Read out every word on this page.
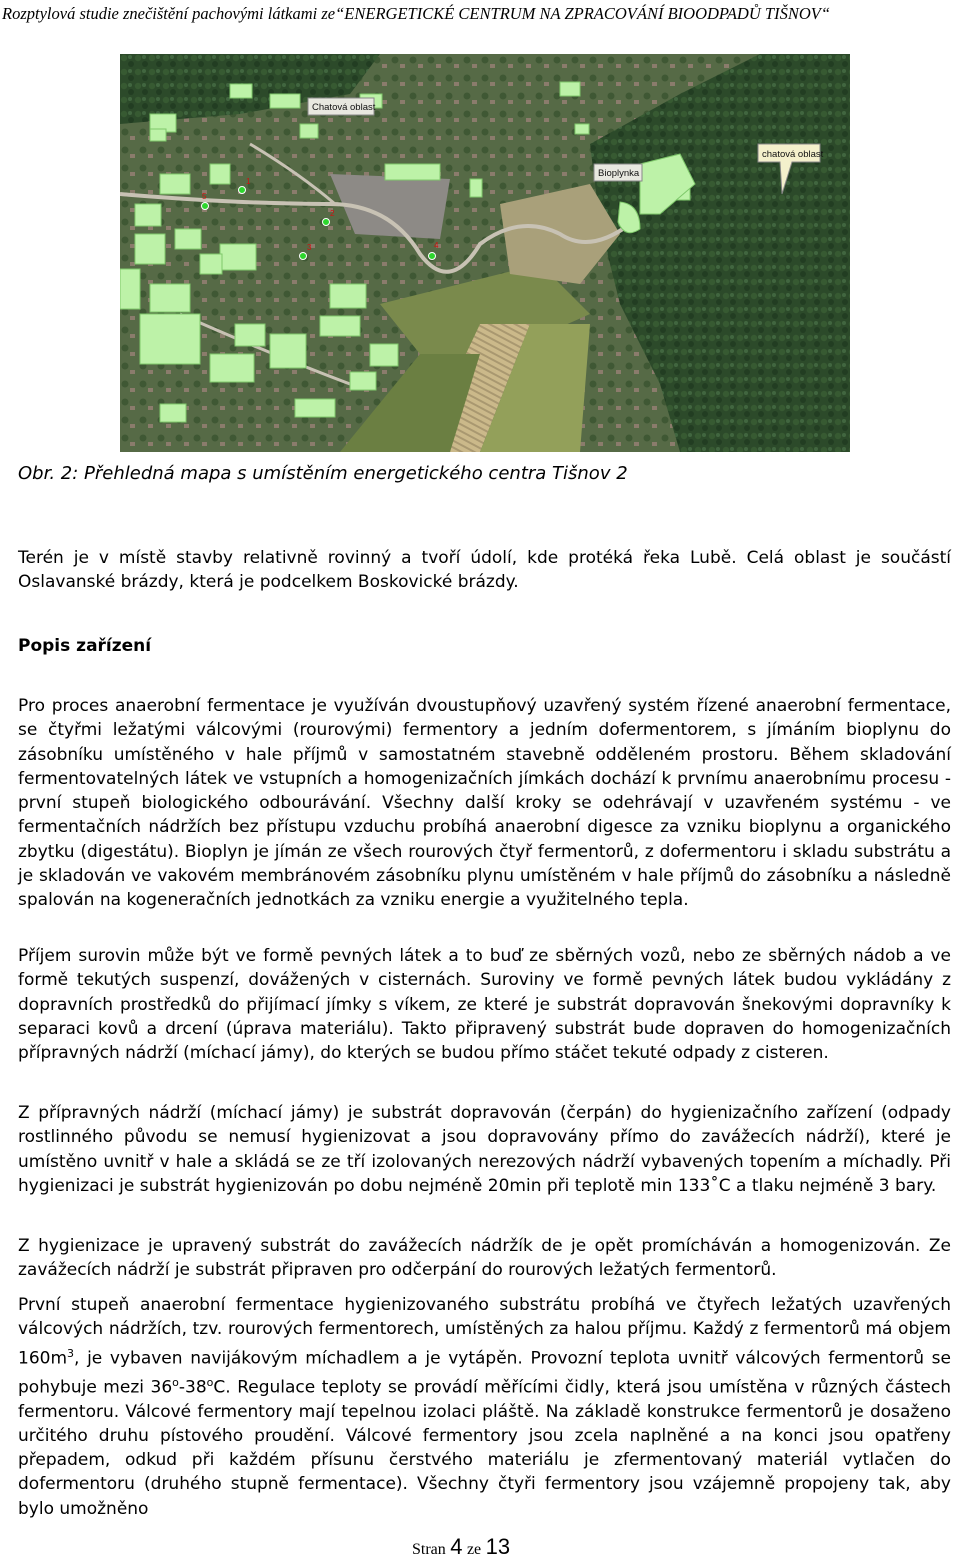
Rozptylová studie znečištění pachovými látkami ze“ENERGETICKÉ CENTRUM NA ZPRACOVÁNÍ BIOODPADŮ TIŠNOV“
Chatová oblast
Bioplynka
chatová oblast
5
1
2
3	4
Obr. 2: Přehledná mapa s umístěním energetického centra Tišnov 2
Terén je v místě stavby relativně rovinný a tvoří údolí, kde protéká řeka Lubě. Celá oblast je součástí Oslavanské brázdy, která je podcelkem Boskovické brázdy.
Popis zařízení
Pro proces anaerobní fermentace je využíván dvoustupňový uzavřený systém řízené anaerobní fermentace, se čtyřmi ležatými válcovými (rourovými) fermentory a jedním dofermentorem, s jímáním bioplynu do zásobníku umístěného v hale příjmů v samostatném stavebně odděleném prostoru. Během skladování fermentovatelných látek ve vstupních a homogenizačních jímkách dochází k prvnímu anaerobnímu procesu - první stupeň biologického odbourávání. Všechny další kroky se odehrávají v uzavřeném systému - ve fermentačních nádržích bez přístupu vzduchu probíhá anaerobní digesce za vzniku bioplynu a organického zbytku (digestátu). Bioplyn je jímán ze všech rourových čtyř fermentorů, z dofermentoru i skladu substrátu a je skladován ve vakovém membránovém zásobníku plynu umístěném v hale příjmů do zásobníku a následně spalován na kogeneračních jednotkách za vzniku energie a využitelného tepla.
Příjem surovin může být ve formě pevných látek a to buď ze sběrných vozů, nebo ze sběrných nádob a ve formě tekutých suspenzí, dovážených v cisternách. Suroviny ve formě pevných látek budou vykládány z dopravních prostředků do přijímací jímky s víkem, ze které je substrát dopravován šnekovými dopravníky k separaci kovů a drcení (úprava materiálu). Takto připravený substrát bude dopraven do homogenizačních přípravných nádrží (míchací jámy), do kterých se budou přímo stáčet tekuté odpady z cisteren.
Z přípravných nádrží (míchací jámy) je substrát dopravován (čerpán) do hygienizačního zařízení (odpady rostlinného původu se nemusí hygienizovat a jsou dopravovány přímo do zavážecích nádrží), které je umístěno uvnitř v hale a skládá se ze tří izolovaných nerezových nádrží vybavených topením a míchadly. Při hygienizaci je substrát hygienizován po dobu nejméně 20min při teplotě min 133˚C a tlaku nejméně 3 bary.
Z hygienizace je upravený substrát do zavážecích nádržík de je opět promícháván a homogenizován. Ze zavážecích nádrží je substrát připraven pro odčerpání do rourových ležatých fermentorů.
První stupeň anaerobní fermentace hygienizovaného substrátu probíhá ve čtyřech ležatých uzavřených válcových nádržích, tzv. rourových fermentorech, umístěných za halou příjmu. Každý z fermentorů má objem $160m^3$, je vybaven navijákovým míchadlem a je vytápěn. Provozní teplota uvnitř válcových fermentorů se pohybuje mezi 36$^o$-38$^o$C. Regulace teploty se provádí měřícími čidly, která jsou umístěna v různých částech fermentoru. Válcové fermentory mají tepelnou izolaci pláště. Na základě konstrukce fermentorů je dosaženo určitého druhu pístového proudění. Válcové fermentory jsou zcela naplněné a na konci jsou opatřeny přepadem, odkud při každém přísunu čerstvého materiálu je zfermentovaný materiál vytlačen do dofermentoru (druhého stupně fermentace). Všechny čtyři fermentory jsou vzájemně propojeny tak, aby bylo umožněno
Stran 4 ze 13
